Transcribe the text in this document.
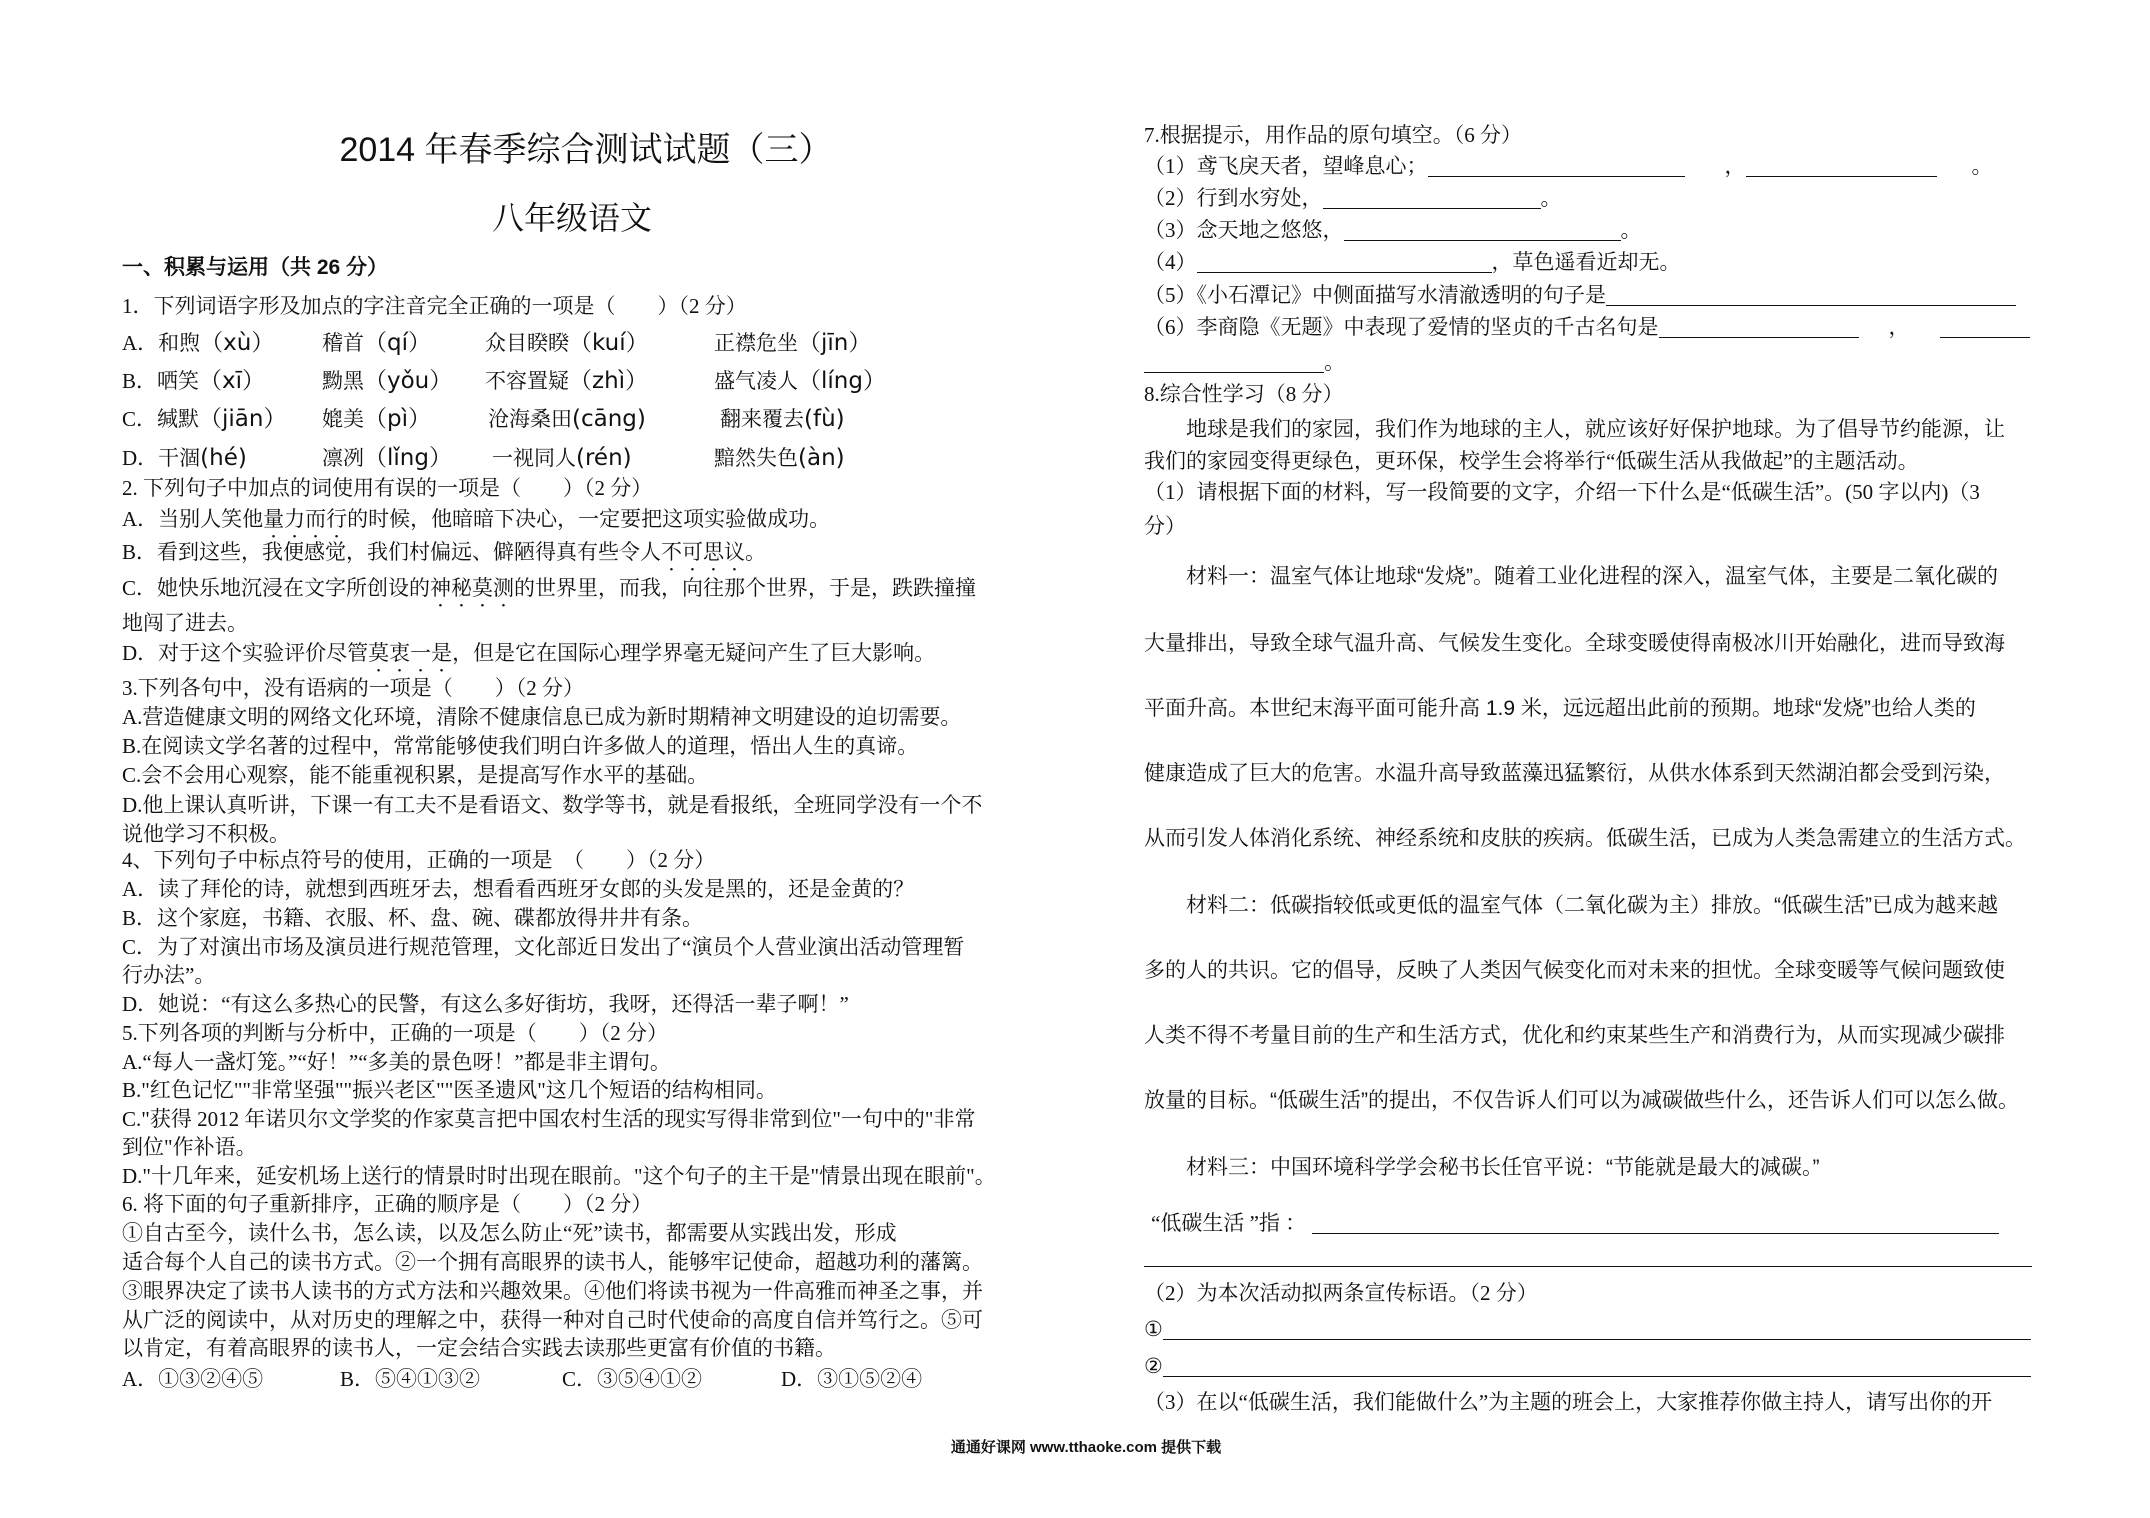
2014 年春季综合测试试题（三）
八年级语文
一、积累与运用（共 26 分）
1．下列词语字形及加点的字注音完全正确的一项是（　　）（2 分）
A．和煦（xù） 稽首（qí）	众目睽睽（kuí）	正襟危坐（jīn）
B．哂笑（xī）	黝黑（yǒu） 不容置疑（zhì）	盛气凌人（líng）
C．缄默（jiān） 媲美（pì）	沧海桑田(cāng)	翻来覆去(fù)
D．干涸(hé)	凛冽（lǐng） 一视同人(rén)	黯然失色(àn)
2. 下列句子中加点的词使用有误的一项是（　　）（2 分）
A．当别人笑他量力而行的时候，他暗暗下决心，一定要把这项实验做成功。
B．看到这些，我便感觉，我们村偏远、僻陋得真有些令人不可思议。
C．她快乐地沉浸在文字所创设的神秘莫测的世界里，而我，向往那个世界，于是，跌跌撞撞
地闯了进去。
D．对于这个实验评价尽管莫衷一是，但是它在国际心理学界毫无疑问产生了巨大影响。
3.下列各句中，没有语病的一项是（　　）（2 分）
A.营造健康文明的网络文化环境，清除不健康信息已成为新时期精神文明建设的迫切需要。
B.在阅读文学名著的过程中，常常能够使我们明白许多做人的道理，悟出人生的真谛。
C.会不会用心观察，能不能重视积累，是提高写作水平的基础。
D.他上课认真听讲，下课一有工夫不是看语文、数学等书，就是看报纸，全班同学没有一个不
说他学习不积极。
4、下列句子中标点符号的使用，正确的一项是　（　　）（2 分）
A．读了拜伦的诗，就想到西班牙去，想看看西班牙女郎的头发是黑的，还是金黄的？
B．这个家庭，书籍、衣服、杯、盘、碗、碟都放得井井有条。
C．为了对演出市场及演员进行规范管理，文化部近日发出了“演员个人营业演出活动管理暂
行办法”。
D．她说：“有这么多热心的民警，有这么多好街坊，我呀，还得活一辈子啊！”
5.下列各项的判断与分析中，正确的一项是（　　）（2 分）
A.“每人一盏灯笼。”“好！”“多美的景色呀！”都是非主谓句。
B."红色记忆""非常坚强""振兴老区""医圣遗风"这几个短语的结构相同。
C."获得 2012 年诺贝尔文学奖的作家莫言把中国农村生活的现实写得非常到位"一句中的"非常
到位"作补语。
D."十几年来，延安机场上送行的情景时时出现在眼前。"这个句子的主干是"情景出现在眼前"。
6. 将下面的句子重新排序，正确的顺序是（　　）（2 分）
①自古至今，读什么书，怎么读，以及怎么防止“死”读书，都需要从实践出发，形成
适合每个人自己的读书方式。②一个拥有高眼界的读书人，能够牢记使命，超越功利的藩篱。
③眼界决定了读书人读书的方式方法和兴趣效果。④他们将读书视为一件高雅而神圣之事，并
从广泛的阅读中，从对历史的理解之中，获得一种对自己时代使命的高度自信并笃行之。⑤可
以肯定，有着高眼界的读书人，一定会结合实践去读那些更富有价值的书籍。
A．①③②④⑤	B．⑤④①③②	C．③⑤④①②	D．③①⑤②④
7.根据提示，用作品的原句填空。（6 分）
（1）鸢飞戾天者，望峰息心；	，	。
（2）行到水穷处，	。
（3）念天地之悠悠，	。
（4）	，草色遥看近却无。
（5）《小石潭记》中侧面描写水清澈透明的句子是
（6）李商隐《无题》中表现了爱情的坚贞的千古名句是	，
。
8.综合性学习（8 分）
地球是我们的家园，我们作为地球的主人，就应该好好保护地球。为了倡导节约能源，让
我们的家园变得更绿色，更环保，校学生会将举行“低碳生活从我做起”的主题活动。
（1）请根据下面的材料，写一段简要的文字，介绍一下什么是“低碳生活”。(50 字以内)（3
分）
材料一：温室气体让地球“发烧”。随着工业化进程的深入，温室气体，主要是二氧化碳的
大量排出，导致全球气温升高、气候发生变化。全球变暖使得南极冰川开始融化，进而导致海
平面升高。本世纪末海平面可能升高 1.9 米，远远超出此前的预期。地球“发烧”也给人类的
健康造成了巨大的危害。水温升高导致蓝藻迅猛繁衍，从供水体系到天然湖泊都会受到污染，
从而引发人体消化系统、神经系统和皮肤的疾病。低碳生活，已成为人类急需建立的生活方式。
材料二：低碳指较低或更低的温室气体（二氧化碳为主）排放。“低碳生活”已成为越来越
多的人的共识。它的倡导，反映了人类因气候变化而对未来的担忧。全球变暖等气候问题致使
人类不得不考量目前的生产和生活方式，优化和约束某些生产和消费行为，从而实现减少碳排
放量的目标。“低碳生活”的提出，不仅告诉人们可以为减碳做些什么，还告诉人们可以怎么做。
材料三：中国环境科学学会秘书长任官平说：“节能就是最大的减碳。”
“低碳生活 ”指 ：
（2）为本次活动拟两条宣传标语。（2 分）
①
②
（3）在以“低碳生活，我们能做什么”为主题的班会上，大家推荐你做主持人，请写出你的开
通通好课网 www.tthaoke.com 提供下载
